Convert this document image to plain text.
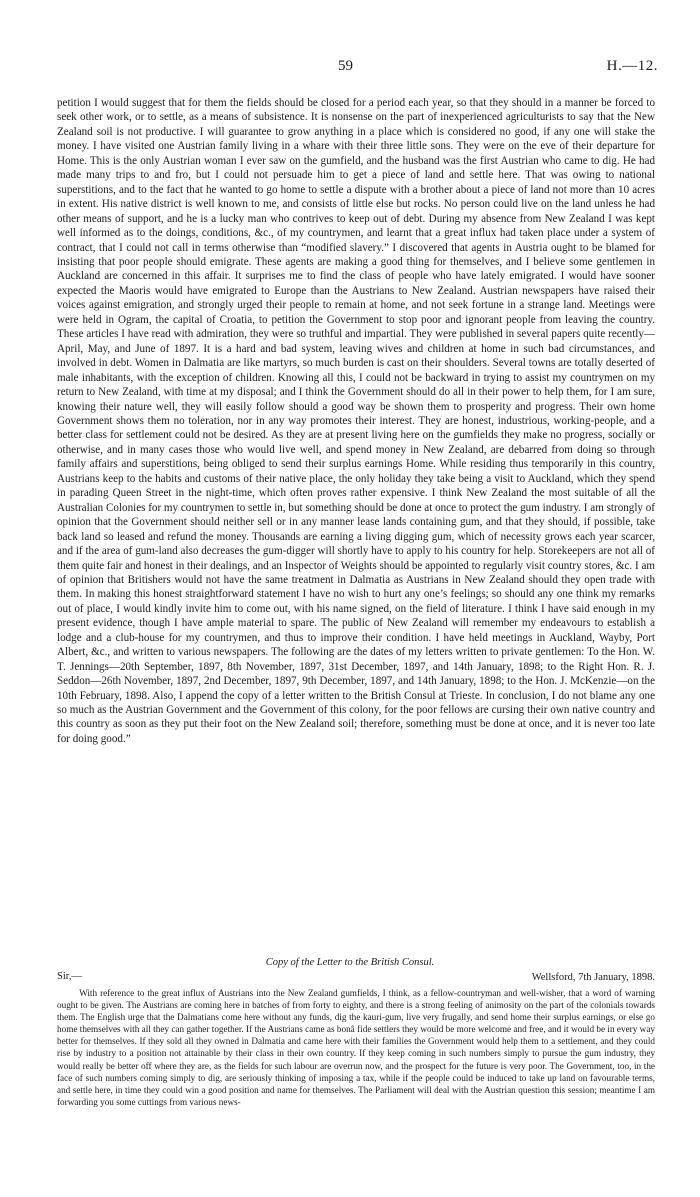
59	H.—12.

petition I would suggest that for them the fields should be closed for a period each year, so that they should in a manner be forced to seek other work, or to settle, as a means of subsistence. It is nonsense on the part of inexperienced agriculturists to say that the New Zealand soil is not productive. I will guarantee to grow anything in a place which is considered no good, if any one will stake the money. I have visited one Austrian family living in a whare with their three little sons. They were on the eve of their departure for Home. This is the only Austrian woman I ever saw on the gumfield, and the husband was the first Austrian who came to dig. He had made many trips to and fro, but I could not persuade him to get a piece of land and settle here. That was owing to national superstitions, and to the fact that he wanted to go home to settle a dispute with a brother about a piece of land not more than 10 acres in extent. His native district is well known to me, and consists of little else but rocks. No person could live on the land unless he had other means of support, and he is a lucky man who contrives to keep out of debt. During my absence from New Zealand I was kept well informed as to the doings, conditions, &c., of my countrymen, and learnt that a great influx had taken place under a system of contract, that I could not call in terms otherwise than “modified slavery.” I discovered that agents in Austria ought to be blamed for insisting that poor people should emigrate. These agents are making a good thing for themselves, and I believe some gentlemen in Auckland are concerned in this affair. It surprises me to find the class of people who have lately emigrated. I would have sooner expected the Maoris would have emigrated to Europe than the Austrians to New Zealand. Austrian newspapers have raised their voices against emigration, and strongly urged their people to remain at home, and not seek fortune in a strange land. Meetings were were held in Ogram, the capital of Croatia, to petition the Government to stop poor and ignorant people from leaving the country. These articles I have read with admiration, they were so truthful and impartial. They were published in several papers quite recently—April, May, and June of 1897. It is a hard and bad system, leaving wives and children at home in such bad circumstances, and involved in debt. Women in Dalmatia are like martyrs, so much burden is cast on their shoulders. Several towns are totally deserted of male inhabitants, with the exception of children. Knowing all this, I could not be backward in trying to assist my countrymen on my return to New Zealand, with time at my disposal; and I think the Government should do all in their power to help them, for I am sure, knowing their nature well, they will easily follow should a good way be shown them to prosperity and progress. Their own home Government shows them no toleration, nor in any way promotes their interest. They are honest, industrious, working-people, and a better class for settlement could not be desired. As they are at present living here on the gumfields they make no progress, socially or otherwise, and in many cases those who would live well, and spend money in New Zealand, are debarred from doing so through family affairs and superstitions, being obliged to send their surplus earnings Home. While residing thus temporarily in this country, Austrians keep to the habits and customs of their native place, the only holiday they take being a visit to Auckland, which they spend in parading Queen Street in the night-time, which often proves rather expensive. I think New Zealand the most suitable of all the Australian Colonies for my countrymen to settle in, but something should be done at once to protect the gum industry. I am strongly of opinion that the Government should neither sell or in any manner lease lands containing gum, and that they should, if possible, take back land so leased and refund the money. Thousands are earning a living digging gum, which of necessity grows each year scarcer, and if the area of gum-land also decreases the gum-digger will shortly have to apply to his country for help. Storekeepers are not all of them quite fair and honest in their dealings, and an Inspector of Weights should be appointed to regularly visit country stores, &c. I am of opinion that Britishers would not have the same treatment in Dalmatia as Austrians in New Zealand should they open trade with them. In making this honest straightforward statement I have no wish to hurt any one’s feelings; so should any one think my remarks out of place, I would kindly invite him to come out, with his name signed, on the field of literature. I think I have said enough in my present evidence, though I have ample material to spare. The public of New Zealand will remember my endeavours to establish a lodge and a club-house for my countrymen, and thus to improve their condition. I have held meetings in Auckland, Wayby, Port Albert, &c., and written to various newspapers. The following are the dates of my letters written to private gentlemen: To the Hon. W. T. Jennings—20th September, 1897, 8th November, 1897, 31st December, 1897, and 14th January, 1898; to the Right Hon. R. J. Seddon—26th November, 1897, 2nd December, 1897, 9th December, 1897, and 14th January, 1898; to the Hon. J. McKenzie—on the 10th February, 1898. Also, I append the copy of a letter written to the British Consul at Trieste. In conclusion, I do not blame any one so much as the Austrian Government and the Government of this colony, for the poor fellows are cursing their own native country and this country as soon as they put their foot on the New Zealand soil; therefore, something must be done at once, and it is never too late for doing good.”

Copy of the Letter to the British Consul.

Sir,—	Wellsford, 7th January, 1898.

With reference to the great influx of Austrians into the New Zealand gumfields, I think, as a fellow-countryman and well-wisher, that a word of warning ought to be given. The Austrians are coming here in batches of from forty to eighty, and there is a strong feeling of animosity on the part of the colonials towards them. The English urge that the Dalmatians come here without any funds, dig the kauri-gum, live very frugally, and send home their surplus earnings, or else go home themselves with all they can gather together. If the Austrians came as bonâ fide settlers they would be more welcome and free, and it would be in every way better for themselves. If they sold all they owned in Dalmatia and came here with their families the Government would help them to a settlement, and they could rise by industry to a position not attainable by their class in their own country. If they keep coming in such numbers simply to pursue the gum industry, they would really be better off where they are, as the fields for such labour are overrun now, and the prospect for the future is very poor. The Government, too, in the face of such numbers coming simply to dig, are seriously thinking of imposing a tax, while if the people could be induced to take up land on favourable terms, and settle here, in time they could win a good position and name for themselves. The Parliament will deal with the Austrian question this session; meantime I am forwarding you some cuttings from various news-
